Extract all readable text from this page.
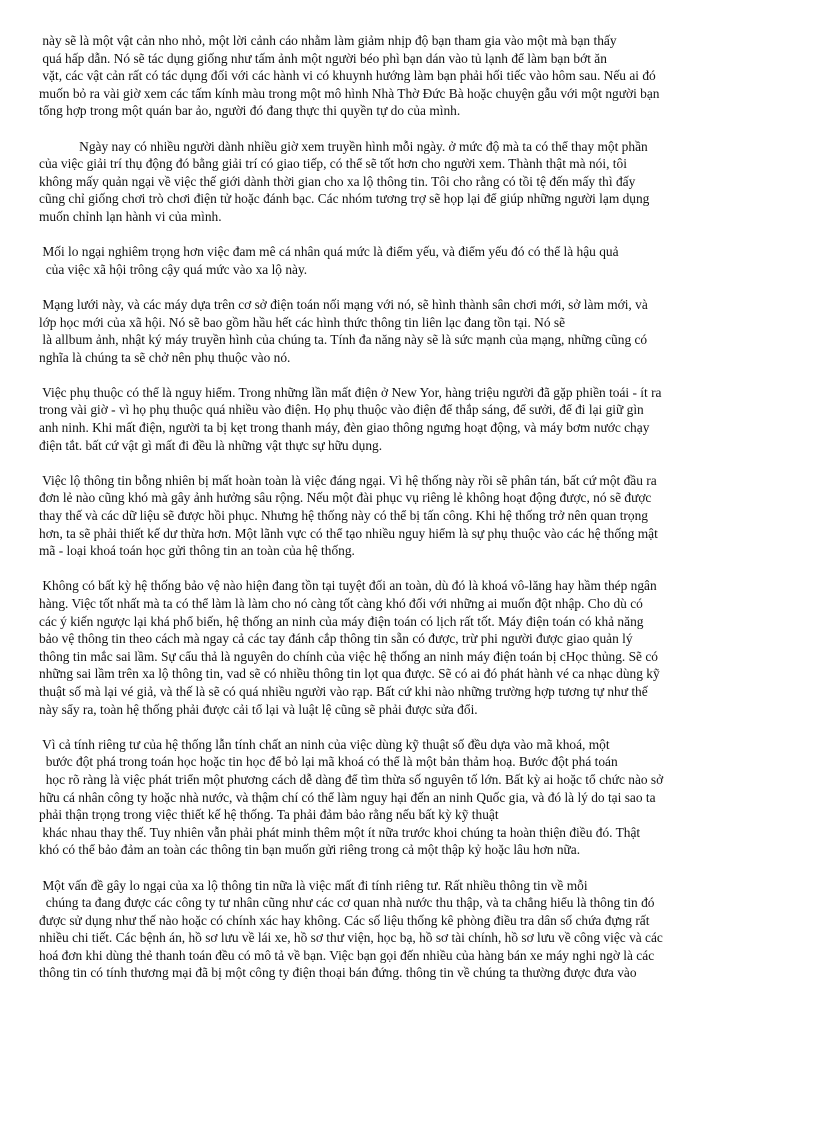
này sẽ là một vật cản nho nhỏ, một lời cảnh cáo nhằm làm giảm nhịp độ bạn tham gia vào một mà bạn thấy
quá hấp dẫn. Nó sẽ tác dụng giống như tấm ảnh một người béo phì bạn dán vào tủ lạnh để làm bạn bớt ăn
vặt, các vật cản rất có tác dụng đối với các hành vi có khuynh hướng làm bạn phải hối tiếc vào hôm sau. Nếu ai đó
muốn bỏ ra vài giờ xem các tấm kính màu trong một mô hình Nhà Thờ Đức Bà hoặc chuyện gẫu với một người bạn
tổng hợp trong một quán bar ảo, người đó đang thực thi quyền tự do của mình.
Ngày nay có nhiều người dành nhiều giờ xem truyền hình mỗi ngày. ở mức độ mà ta có thể thay một phần
của việc giải trí thụ động đó bằng giải trí có giao tiếp, có thể sẽ tốt hơn cho người xem. Thành thật mà nói, tôi
không mấy quản ngại về việc thế giới dành thời gian cho xa lộ thông tin. Tôi cho rằng có tồi tệ đến mấy thì đấy
cũng chỉ giống chơi trò chơi điện tử hoặc đánh bạc. Các nhóm tương trợ sẽ họp lại để giúp những người lạm dụng
muốn chỉnh lạn hành vi của mình.
Mối lo ngại nghiêm trọng hơn việc đam mê cá nhân quá mức là điểm yếu, và điểm yếu đó có thể là hậu quả
của việc xã hội trông cậy quá mức vào xa lộ này.
Mạng lưới này, và các máy dựa trên cơ sở điện toán nối mạng với nó, sẽ hình thành sân chơi mới, sở làm mới, và
lớp học mới của xã hội. Nó sẽ bao gồm hầu hết các hình thức thông tin liên lạc đang tồn tại. Nó sẽ
là allbum ảnh, nhật ký máy truyền hình của chúng ta. Tính đa năng này sẽ là sức mạnh của mạng, những cũng có
nghĩa là chúng ta sẽ chở nên phụ thuộc vào nó.
Việc phụ thuộc có thể là nguy hiểm. Trong những lần mất điện ở New Yor, hàng triệu người đã gặp phiền toái - ít ra
trong vài giờ - vì họ phụ thuộc quá nhiều vào điện. Họ phụ thuộc vào điện để thắp sáng, để sưởi, để đi lại giữ gìn
anh ninh. Khi mất điện, người ta bị kẹt trong thanh máy, đèn giao thông ngưng hoạt động, và máy bơm nước chạy
điện tắt. bất cứ vật gì mất đi đều là những vật thực sự hữu dụng.
Việc lộ thông tin bỗng nhiên bị mất hoàn toàn là việc đáng ngại. Vì hệ thống này rồi sẽ phân tán, bất cứ một đầu ra
đơn lẻ nào cũng khó mà gây ảnh hưởng sâu rộng. Nếu một đài phục vụ riêng lẻ không hoạt động được, nó sẽ được
thay thế và các dữ liệu sẽ được hồi phục. Nhưng hệ thống này có thể bị tấn công. Khi hệ thống trở nên quan trọng
hơn, ta sẽ phải thiết kế dư thừa hơn. Một lãnh vực có thể tạo nhiều nguy hiểm là sự phụ thuộc vào các hệ thống mật
mã - loại khoá toán học gửi thông tin an toàn của hệ thống.
Không có bất kỳ hệ thống bảo vệ nào hiện đang tồn tại tuyệt đối an toàn, dù đó là khoá vô-lăng hay hầm thép ngân
hàng. Việc tốt nhất mà ta có thể làm là làm cho nó càng tốt càng khó đối với những ai muốn đột nhập. Cho dù có
các ý kiến ngược lại khá phổ biến, hệ thống an ninh của máy điện toán có lịch rất tốt. Máy điện toán có khả năng
bảo vệ thông tin theo cách mà ngay cả các tay đánh cắp thông tin sẵn có được, trừ phi người được giao quản lý
thông tin mắc sai lầm. Sự cẩu thả là nguyên do chính của việc hệ thống an ninh máy điện toán bị cHọc thủng. Sẽ có
những sai lầm trên xa lộ thông tin, vad sẽ có nhiều thông tin lọt qua được. Sẽ có ai đó phát hành vé ca nhạc dùng kỹ
thuật số mà lại vé giả, và thế là sẽ có quá nhiều người vào rạp. Bất cứ khi nào những trường hợp tương tự như thế
này sẩy ra, toàn hệ thống phải được cải tổ lại và luật lệ cũng sẽ phải được sửa đổi.
Vì cả tính riêng tư của hệ thống lẫn tính chất an ninh của việc dùng kỹ thuật số đều dựa vào mã khoá, một
bước đột phá trong toán học hoặc tin học để bỏ lại mã khoá có thể là một bản thảm hoạ. Bước đột phá toán
học rõ ràng là việc phát triển một phương cách dễ dàng để tìm thừa số nguyên tố lớn. Bất kỳ ai hoặc tổ chức nào sở
hữu cá nhân công ty hoặc nhà nước, và thậm chí có thể làm nguy hại đến an ninh Quốc gia, và đó là lý do tại sao ta
phải thận trọng trong việc thiết kế hệ thống. Ta phải đảm bảo rằng nếu bất kỳ kỹ thuật
khác nhau thay thế. Tuy nhiên vẫn phải phát minh thêm một ít nữa trước khoi chúng ta hoàn thiện điều đó. Thật
khó có thể bảo đảm an toàn các thông tin bạn muốn gửi riêng trong cả một thập kỷ hoặc lâu hơn nữa.
Một vấn đề gây lo ngại của xa lộ thông tin nữa là việc mất đi tính riêng tư. Rất nhiều thông tin về mỗi
chúng ta đang được các công ty tư nhân cũng như các cơ quan nhà nước thu thập, và ta chẳng hiểu là thông tin đó
được sử dụng như thế nào hoặc có chính xác hay không. Các số liệu thống kê phòng điều tra dân số chứa đựng rất
nhiều chi tiết. Các bệnh án, hồ sơ lưu về lái xe, hồ sơ thư viện, học bạ, hồ sơ tài chính, hồ sơ lưu về công việc và các
hoá đơn khi dùng thẻ thanh toán đều có mô tả về bạn. Việc bạn gọi đến nhiều của hàng bán xe máy nghi ngờ là các
thông tin có tính thương mại đã bị một công ty điện thoại bán đứng. thông tin về chúng ta thường được đưa vào
